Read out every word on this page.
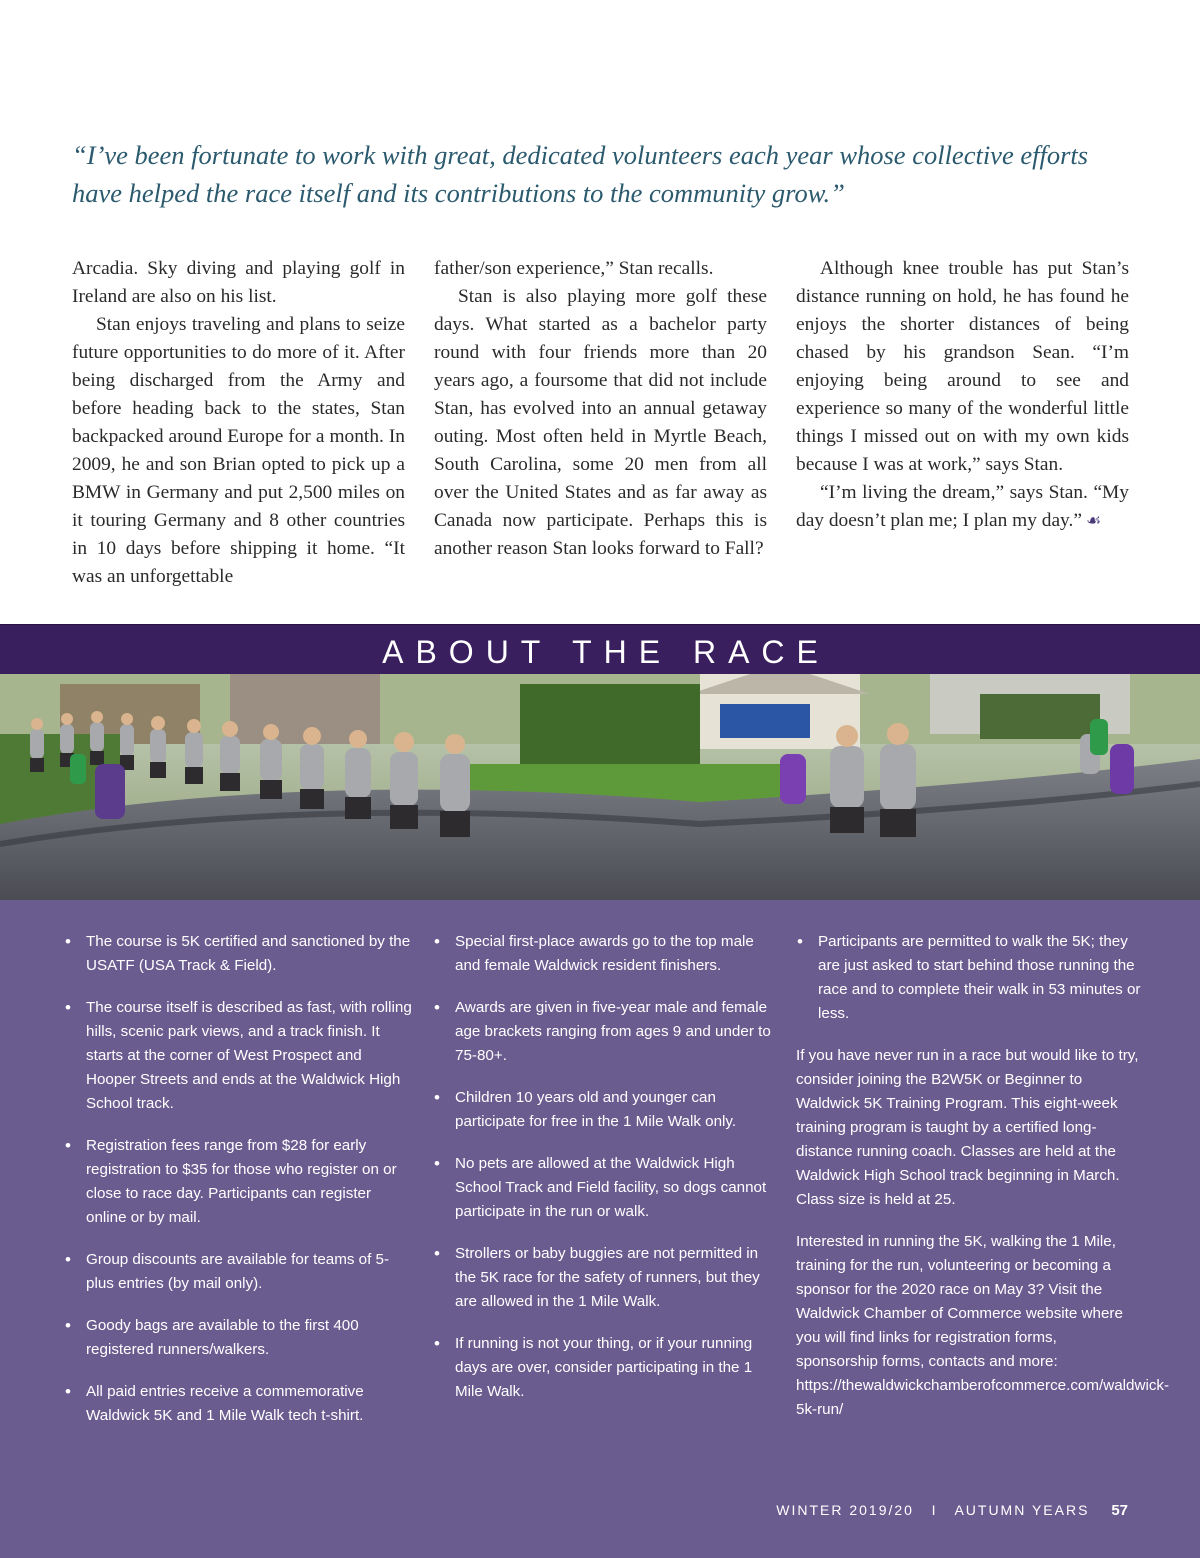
“I’ve been fortunate to work with great, dedicated volunteers each year whose collective efforts

have helped the race itself and its contributions to the community grow.”

Arcadia. Sky diving and playing golf in Ireland are also on his list.

Stan enjoys traveling and plans to seize future opportunities to do more of it. After being discharged from the Army and before heading back to the states, Stan backpacked around Europe for a month. In 2009, he and son Brian opted to pick up a BMW in Germany and put 2,500 miles on it touring Germany and 8 other countries in 10 days before shipping it home. “It was an unforgettable

father/son experience,” Stan recalls.

Stan is also playing more golf these days. What started as a bachelor party round with four friends more than 20 years ago, a foursome that did not include Stan, has evolved into an annual getaway outing. Most often held in Myrtle Beach, South Carolina, some 20 men from all over the United States and as far away as Canada now participate. Perhaps this is another reason Stan looks forward to Fall?

Although knee trouble has put Stan’s distance running on hold, he has found he enjoys the shorter distances of being chased by his grandson Sean. “I’m enjoying being around to see and experience so many of the wonderful little things I missed out on with my own kids because I was at work,” says Stan.

“I’m living the dream,” says Stan. “My day doesn’t plan me; I plan my day.” ☙

ABOUT THE RACE
• The course is 5K certified and sanctioned by the USATF (USA Track & Field).
• The course itself is described as fast, with rolling hills, scenic park views, and a track finish. It starts at the corner of West Prospect and Hooper Streets and ends at the Waldwick High School track.
• Registration fees range from $28 for early registration to $35 for those who register on or close to race day. Participants can register online or by mail.
• Group discounts are available for teams of 5-plus entries (by mail only).
• Goody bags are available to the first 400 registered runners/walkers.
• All paid entries receive a commemorative Waldwick 5K and 1 Mile Walk tech t-shirt.
• Special first-place awards go to the top male and female Waldwick resident finishers.
• Awards are given in five-year male and female age brackets ranging from ages 9 and under to 75-80+.
• Children 10 years old and younger can participate for free in the 1 Mile Walk only.
• No pets are allowed at the Waldwick High School Track and Field facility, so dogs cannot participate in the run or walk.
• Strollers or baby buggies are not permitted in the 5K race for the safety of runners, but they are allowed in the 1 Mile Walk.
• If running is not your thing, or if your running days are over, consider participating in the 1 Mile Walk.
• Participants are permitted to walk the 5K; they are just asked to start behind those running the race and to complete their walk in 53 minutes or less.

If you have never run in a race but would like to try, consider joining the B2W5K or Beginner to Waldwick 5K Training Program. This eight-week training program is taught by a certified long-distance running coach. Classes are held at the Waldwick High School track beginning in March. Class size is held at 25.

Interested in running the 5K, walking the 1 Mile, training for the run, volunteering or becoming a sponsor for the 2020 race on May 3? Visit the Waldwick Chamber of Commerce website where you will find links for registration forms, sponsorship forms, contacts and more: https://thewaldwickchamberofcommerce.com/waldwick-5k-run/

WINTER 2019/20 I AUTUMN YEARS 57
